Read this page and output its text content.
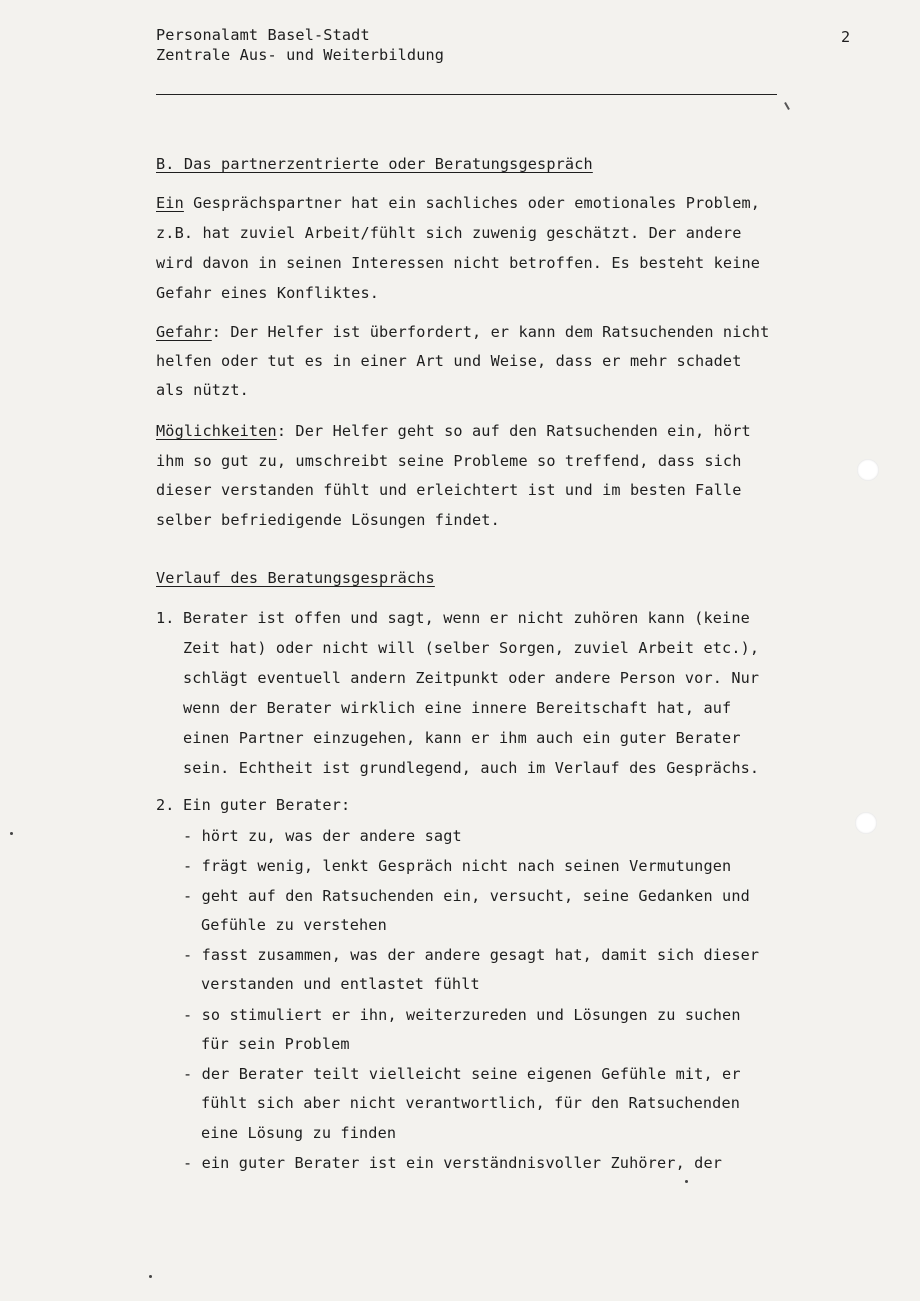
Personalamt Basel-Stadt
Zentrale Aus- und Weiterbildung
2
B. Das partnerzentrierte oder Beratungsgespräch
Ein Gesprächspartner hat ein sachliches oder emotionales Problem,
z.B. hat zuviel Arbeit/fühlt sich zuwenig geschätzt. Der andere
wird davon in seinen Interessen nicht betroffen. Es besteht keine
Gefahr eines Konfliktes.
Gefahr: Der Helfer ist überfordert, er kann dem Ratsuchenden nicht
helfen oder tut es in einer Art und Weise, dass er mehr schadet
als nützt.
Möglichkeiten: Der Helfer geht so auf den Ratsuchenden ein, hört
ihm so gut zu, umschreibt seine Probleme so treffend, dass sich
dieser verstanden fühlt und erleichtert ist und im besten Falle
selber befriedigende Lösungen findet.
Verlauf des Beratungsgesprächs
1. Berater ist offen und sagt, wenn er nicht zuhören kann (keine
Zeit hat) oder nicht will (selber Sorgen, zuviel Arbeit etc.),
schlägt eventuell andern Zeitpunkt oder andere Person vor. Nur
wenn der Berater wirklich eine innere Bereitschaft hat, auf
einen Partner einzugehen, kann er ihm auch ein guter Berater
sein. Echtheit ist grundlegend, auch im Verlauf des Gesprächs.
2. Ein guter Berater:
- hört zu, was der andere sagt
- frägt wenig, lenkt Gespräch nicht nach seinen Vermutungen
- geht auf den Ratsuchenden ein, versucht, seine Gedanken und
Gefühle zu verstehen
- fasst zusammen, was der andere gesagt hat, damit sich dieser
verstanden und entlastet fühlt
- so stimuliert er ihn, weiterzureden und Lösungen zu suchen
für sein Problem
- der Berater teilt vielleicht seine eigenen Gefühle mit, er
fühlt sich aber nicht verantwortlich, für den Ratsuchenden
eine Lösung zu finden
- ein guter Berater ist ein verständnisvoller Zuhörer, der
